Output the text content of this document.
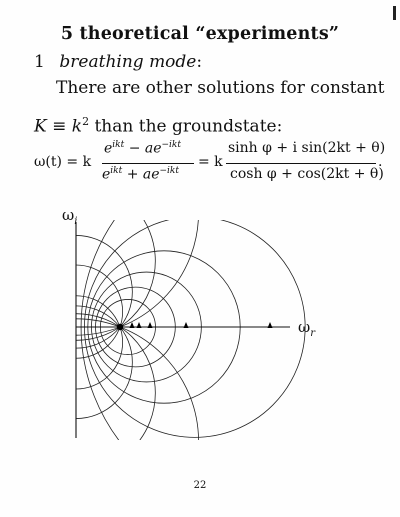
5 theoretical “experiments”
1 breathing mode:
There are other solutions for constant
$K \equiv k^2$ than the groundstate:
ω(t) = k
$e^{ikt} - ae^{-ikt}$
$e^{ikt} + ae^{-ikt}$
= k
sinh φ + i sin(2kt + θ)
cosh φ + cos(2kt + θ)
.
$\omega_i$
$\omega_r$
22
